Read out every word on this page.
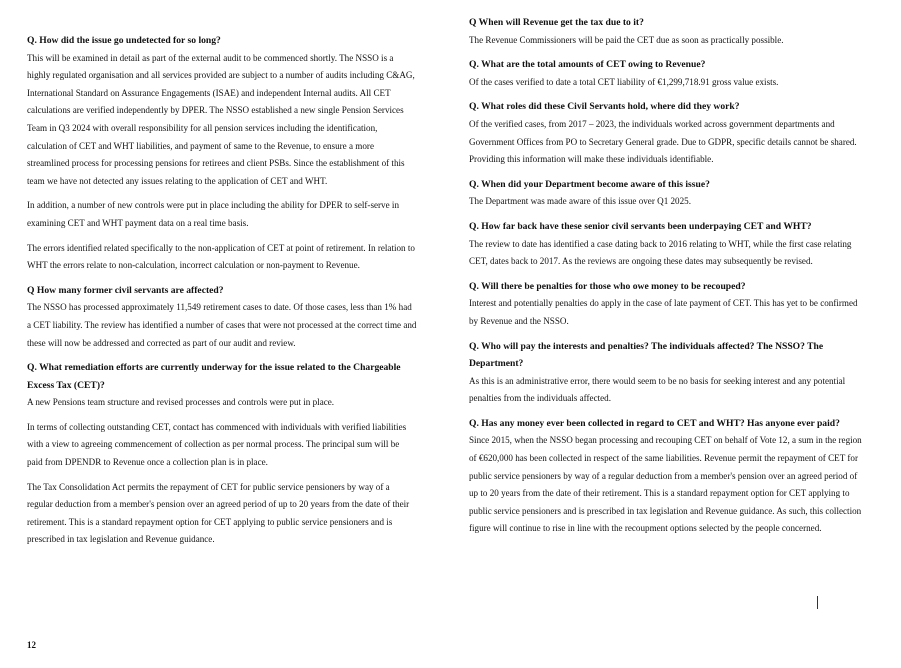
Q. How did the issue go undetected for so long?

This will be examined in detail as part of the external audit to be commenced shortly. The NSSO is a highly regulated organisation and all services provided are subject to a number of audits including C&AG, International Standard on Assurance Engagements (ISAE) and independent Internal audits. All CET calculations are verified independently by DPER. The NSSO established a new single Pension Services Team in Q3 2024 with overall responsibility for all pension services including the identification, calculation of CET and WHT liabilities, and payment of same to the Revenue, to ensure a more streamlined process for processing pensions for retirees and client PSBs. Since the establishment of this team we have not detected any issues relating to the application of CET and WHT.

In addition, a number of new controls were put in place including the ability for DPER to self-serve in examining CET and WHT payment data on a real time basis.

The errors identified related specifically to the non-application of CET at point of retirement. In relation to WHT the errors relate to non-calculation, incorrect calculation or non-payment to Revenue.

Q How many former civil servants are affected?

The NSSO has processed approximately 11,549 retirement cases to date. Of those cases, less than 1% had a CET liability. The review has identified a number of cases that were not processed at the correct time and these will now be addressed and corrected as part of our audit and review.

Q. What remediation efforts are currently underway for the issue related to the Chargeable Excess Tax (CET)?

A new Pensions team structure and revised processes and controls were put in place.

In terms of collecting outstanding CET, contact has commenced with individuals with verified liabilities with a view to agreeing commencement of collection as per normal process. The principal sum will be paid from DPENDR to Revenue once a collection plan is in place.

The Tax Consolidation Act permits the repayment of CET for public service pensioners by way of a regular deduction from a member's pension over an agreed period of up to 20 years from the date of their retirement. This is a standard repayment option for CET applying to public service pensioners and is prescribed in tax legislation and Revenue guidance.

Q When will Revenue get the tax due to it?

The Revenue Commissioners will be paid the CET due as soon as practically possible.

Q. What are the total amounts of CET owing to Revenue?

Of the cases verified to date a total CET liability of €1,299,718.91 gross value exists.

Q. What roles did these Civil Servants hold, where did they work?

Of the verified cases, from 2017 – 2023, the individuals worked across government departments and Government Offices from PO to Secretary General grade. Due to GDPR, specific details cannot be shared. Providing this information will make these individuals identifiable.

Q. When did your Department become aware of this issue?

The Department was made aware of this issue over Q1 2025.

Q. How far back have these senior civil servants been underpaying CET and WHT?

The review to date has identified a case dating back to 2016 relating to WHT, while the first case relating CET, dates back to 2017. As the reviews are ongoing these dates may subsequently be revised.

Q. Will there be penalties for those who owe money to be recouped?

Interest and potentially penalties do apply in the case of late payment of CET. This has yet to be confirmed by Revenue and the NSSO.

Q. Who will pay the interests and penalties? The individuals affected? The NSSO? The Department?

As this is an administrative error, there would seem to be no basis for seeking interest and any potential penalties from the individuals affected.

Q. Has any money ever been collected in regard to CET and WHT? Has anyone ever paid?

Since 2015, when the NSSO began processing and recouping CET on behalf of Vote 12, a sum in the region of €620,000 has been collected in respect of the same liabilities. Revenue permit the repayment of CET for public service pensioners by way of a regular deduction from a member's pension over an agreed period of up to 20 years from the date of their retirement. This is a standard repayment option for CET applying to public service pensioners and is prescribed in tax legislation and Revenue guidance. As such, this collection figure will continue to rise in line with the recoupment options selected by the people concerned.

12
